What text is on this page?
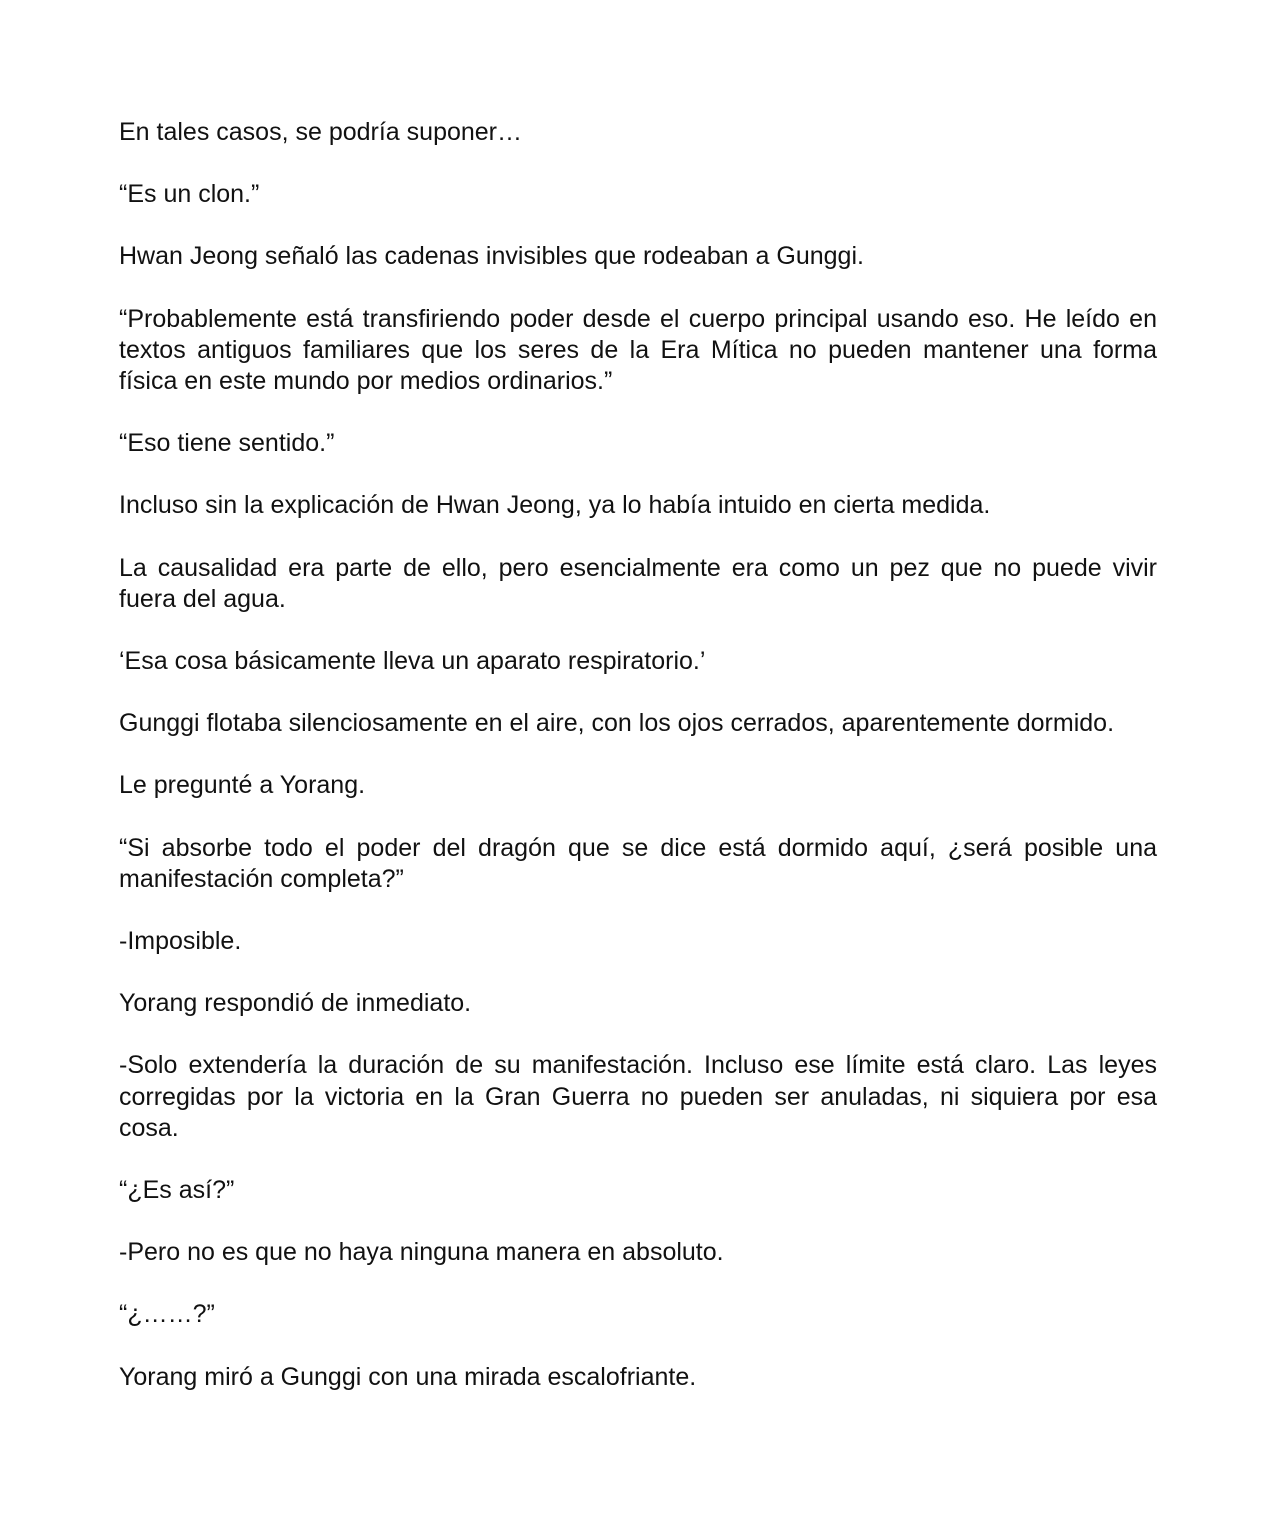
En tales casos, se podría suponer…

“Es un clon.”

Hwan Jeong señaló las cadenas invisibles que rodeaban a Gunggi.

“Probablemente está transfiriendo poder desde el cuerpo principal usando eso. He leído en textos antiguos familiares que los seres de la Era Mítica no pueden mantener una forma física en este mundo por medios ordinarios.”

“Eso tiene sentido.”

Incluso sin la explicación de Hwan Jeong, ya lo había intuido en cierta medida.

La causalidad era parte de ello, pero esencialmente era como un pez que no puede vivir fuera del agua.

‘Esa cosa básicamente lleva un aparato respiratorio.’

Gunggi flotaba silenciosamente en el aire, con los ojos cerrados, aparentemente dormido.

Le pregunté a Yorang.

“Si absorbe todo el poder del dragón que se dice está dormido aquí, ¿será posible una manifestación completa?”

-Imposible.

Yorang respondió de inmediato.

-Solo extendería la duración de su manifestación. Incluso ese límite está claro. Las leyes corregidas por la victoria en la Gran Guerra no pueden ser anuladas, ni siquiera por esa cosa.

“¿Es así?”

-Pero no es que no haya ninguna manera en absoluto.

“¿……?”

Yorang miró a Gunggi con una mirada escalofriante.
